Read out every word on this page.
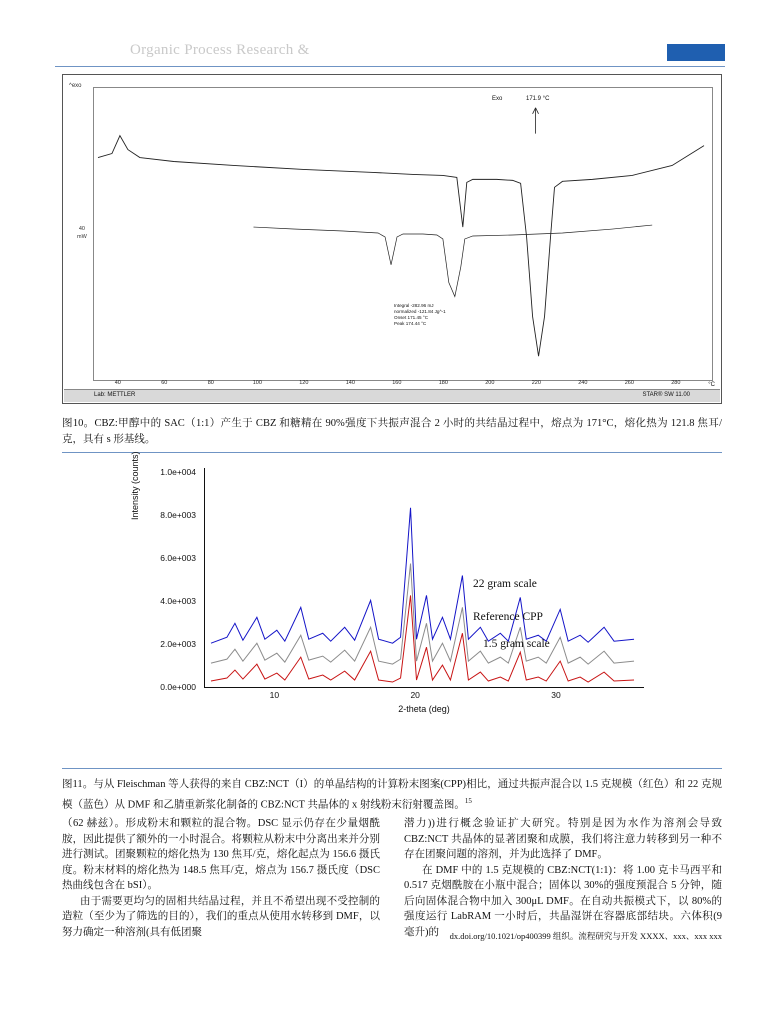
Organic Process Research &
^exo
40
mW
Exo	171.9 °C
Integral -282.96 mJ
normalized -121.84 Jg^-1
Onset 171.45 °C
Peak 174.44 °C
40	60	80	100	120	140	160	180	200	220	240	260	280	°C
Lab: METTLER	STAR® SW 11.00
图10。CBZ:甲醇中的 SAC（1:1）产生于 CBZ 和糖精在 90%强度下共振声混合 2 小时的共结晶过程中，熔点为 171°C，熔化热为 121.8 焦耳/克，具有 s 形基线。
Intensity (counts) 1.0e+004
8.0e+003
6.0e+003
4.0e+003
2.0e+003
0.0e+000
22 gram scale
Reference CPP
1.5 gram scale
10	20	30
2-theta (deg)
图11。与从 Fleischman 等人获得的来自 CBZ:NCT（I）的单晶结构的计算粉末图案(CPP)相比，通过共振声混合以 1.5 克规模（红色）和 22 克规模（蓝色）从 DMF 和乙腈重新浆化制备的 CBZ:NCT 共晶体的 x 射线粉末衍射覆盖图。$^{15}$

（62 赫兹）。形成粉末和颗粒的混合物。DSC 显示仍存在少量烟酰胺，因此提供了额外的一小时混合。将颗粒从粉末中分离出来并分别进行测试。团聚颗粒的熔化热为 130 焦耳/克，熔化起点为 156.6 摄氏度。粉末材料的熔化热为 148.5 焦耳/克，熔点为 156.7 摄氏度（DSC 热曲线包含在 bSI）。

由于需要更均匀的固相共结晶过程，并且不希望出现不受控制的造粒（至少为了筛选的目的），我们的重点从使用水转移到 DMF，以努力确定一种溶剂(具有低团聚

潜力))进行概念验证扩大研究。特别是因为水作为溶剂会导致 CBZ:NCT 共晶体的显著团聚和成膜，我们将注意力转移到另一种不存在团聚问题的溶剂，并为此选择了 DMF。

在 DMF 中的 1.5 克规模的 CBZ:NCT(1:1)：将 1.00 克卡马西平和 0.517 克烟酰胺在小瓶中混合；固体以 30%的强度预混合 5 分钟，随后向固体混合物中加入 300μL DMF。在自动共振模式下，以 80%的强度运行 LabRAM 一小时后，共晶湿饼在容器底部结块。六体积(9 毫升)的	dx.doi.org/10.1021/op400399 组织。流程研究与开发 XXXX、xxx、xxx xxx
